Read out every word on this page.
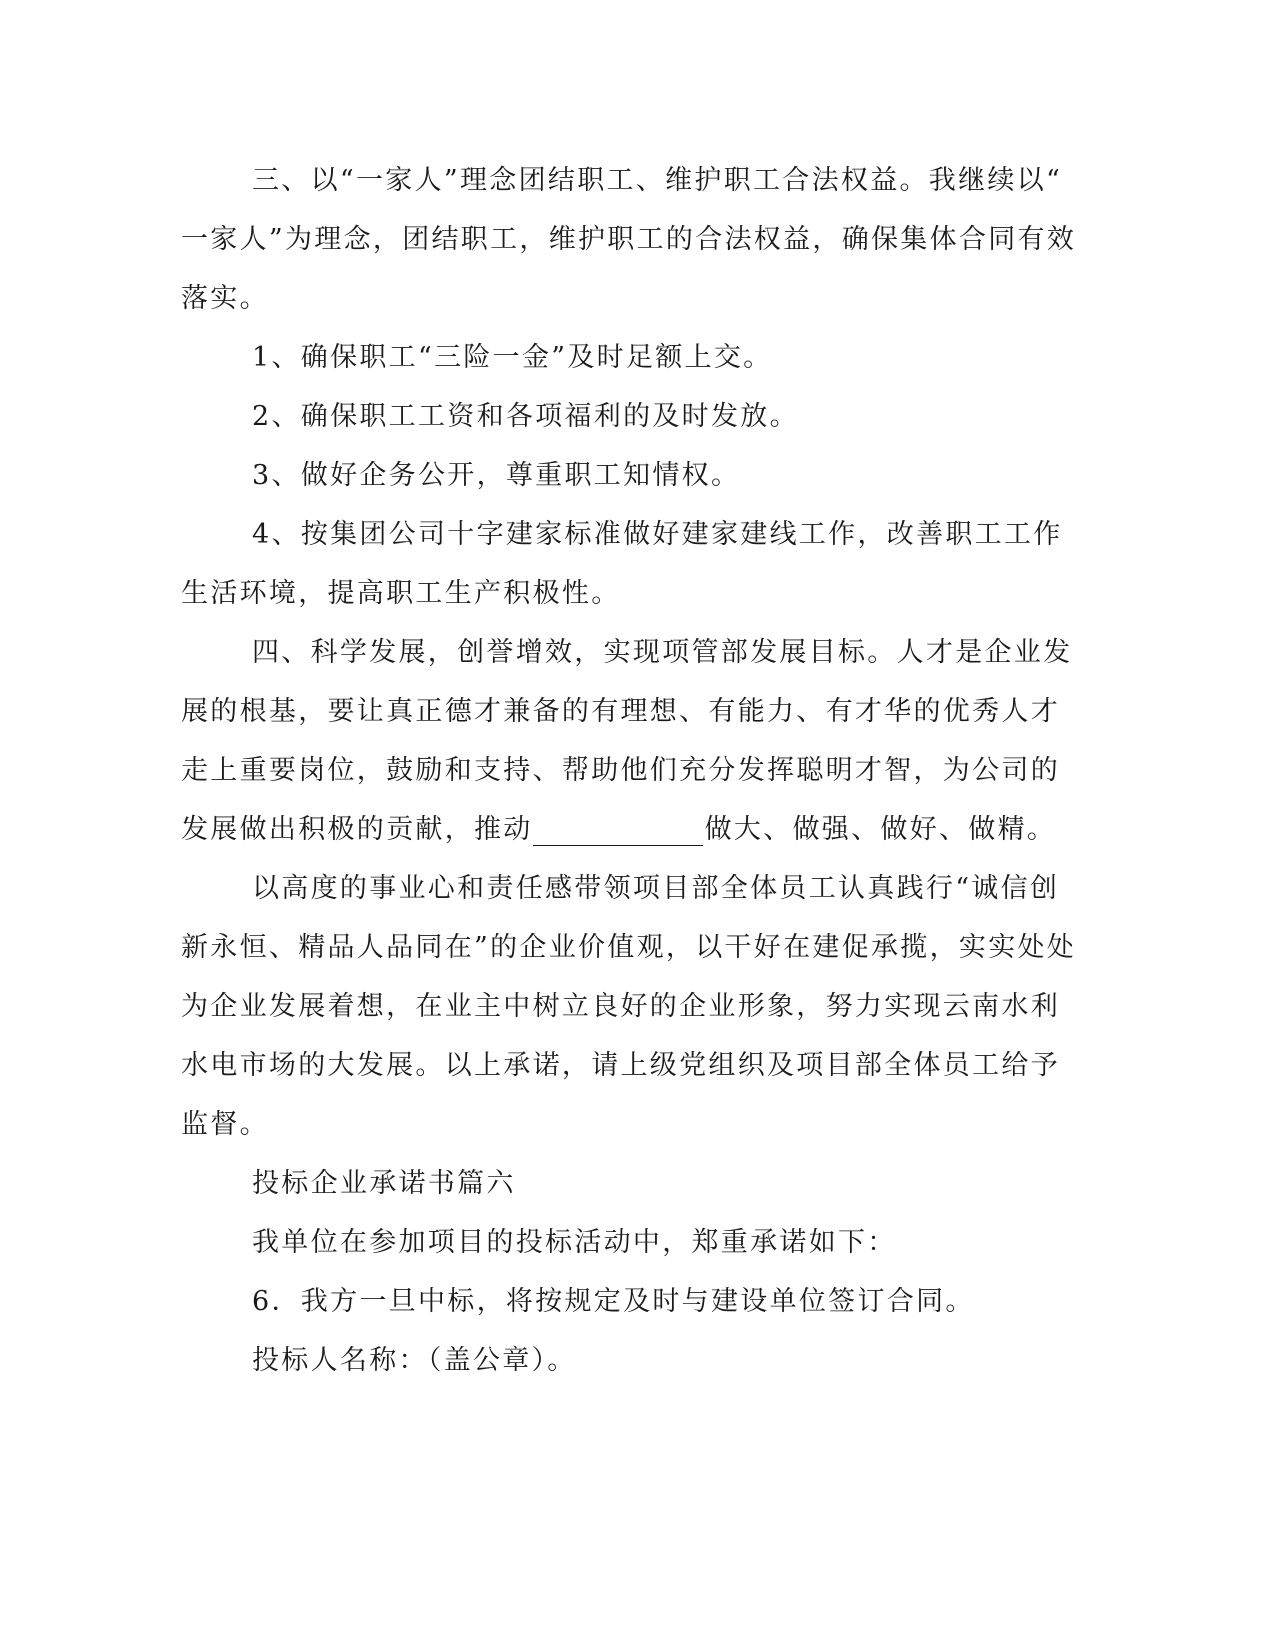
三、以“一家人”理念团结职工、维护职工合法权益。我继续以“

一家人”为理念，团结职工，维护职工的合法权益，确保集体合同有效

落实。

1、确保职工“三险一金”及时足额上交。

2、确保职工工资和各项福利的及时发放。

3、做好企务公开，尊重职工知情权。

4、按集团公司十字建家标准做好建家建线工作，改善职工工作

生活环境，提高职工生产积极性。

四、科学发展，创誉增效，实现项管部发展目标。人才是企业发

展的根基，要让真正德才兼备的有理想、有能力、有才华的优秀人才

走上重要岗位，鼓励和支持、帮助他们充分发挥聪明才智，为公司的

发展做出积极的贡献，推动	做大、做强、做好、做精。

以高度的事业心和责任感带领项目部全体员工认真践行“诚信创

新永恒、精品人品同在”的企业价值观，以干好在建促承揽，实实处处

为企业发展着想，在业主中树立良好的企业形象，努力实现云南水利

水电市场的大发展。以上承诺，请上级党组织及项目部全体员工给予

监督。

投标企业承诺书篇六

我单位在参加项目的投标活动中，郑重承诺如下：

6．我方一旦中标，将按规定及时与建设单位签订合同。

投标人名称：（盖公章）。
